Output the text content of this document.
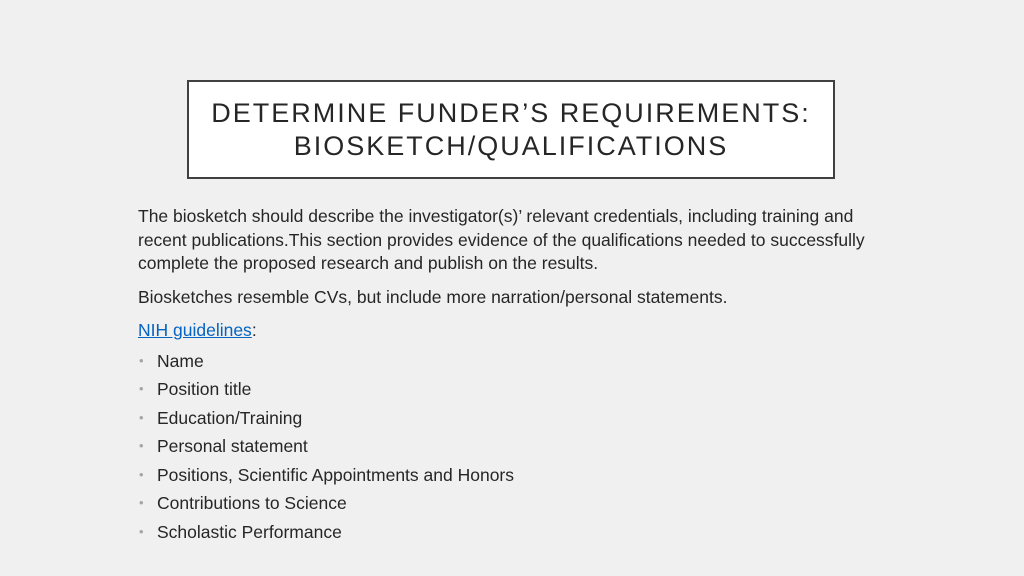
DETERMINE FUNDER’S REQUIREMENTS:
BIOSKETCH/QUALIFICATIONS

The biosketch should describe the investigator(s)’ relevant credentials, including training and recent publications.This section provides evidence of the qualifications needed to successfully complete the proposed research and publish on the results.

Biosketches resemble CVs, but include more narration/personal statements.

NIH guidelines:

• Name
• Position title
• Education/Training
• Personal statement
• Positions, Scientific Appointments and Honors
• Contributions to Science
• Scholastic Performance
